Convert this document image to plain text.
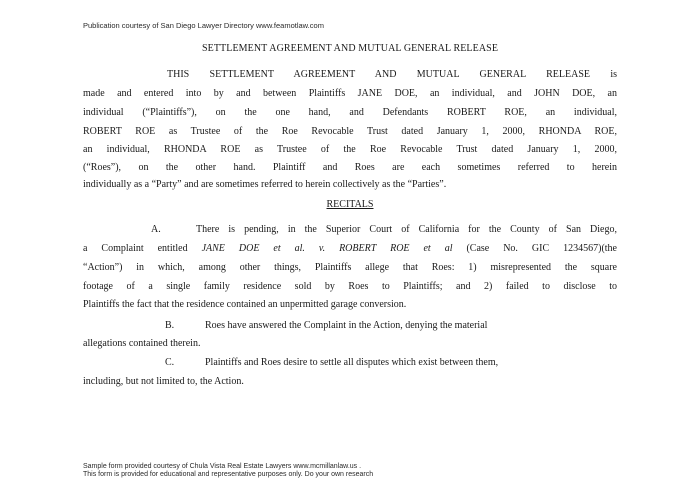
Publication courtesy of San Diego Lawyer Directory www.feamotlaw.com
SETTLEMENT AGREEMENT AND MUTUAL GENERAL RELEASE
THIS SETTLEMENT AGREEMENT AND MUTUAL GENERAL RELEASE is
made and entered into by and between Plaintiffs JANE DOE, an individual, and JOHN DOE, an
individual (“Plaintiffs”), on the one hand, and Defendants ROBERT ROE, an individual,
ROBERT ROE as Trustee of the Roe Revocable Trust dated January 1, 2000, RHONDA ROE,
an individual, RHONDA ROE as Trustee of the Roe Revocable Trust dated January 1, 2000,
(“Roes”), on the other hand. Plaintiff and Roes are each sometimes referred to herein
individually as a “Party” and are sometimes referred to herein collectively as the “Parties”.
RECITALS
A.	There is pending, in the Superior Court of California for the County of San Diego,
a Complaint entitled JANE DOE et al. v. ROBERT ROE et al (Case No. GIC 1234567)(the
“Action”) in which, among other things, Plaintiffs allege that Roes: 1) misrepresented the square
footage of a single family residence sold by Roes to Plaintiffs; and 2) failed to disclose to
Plaintiffs the fact that the residence contained an unpermitted garage conversion.
B.	Roes have answered the Complaint in the Action, denying the material
allegations contained therein.
C.	Plaintiffs and Roes desire to settle all disputes which exist between them,
including, but not limited to, the Action.
Sample form provided courtesy of Chula Vista Real Estate Lawyers www.mcmillanlaw.us .
This form is provided for educational and representative purposes only. Do your own research
